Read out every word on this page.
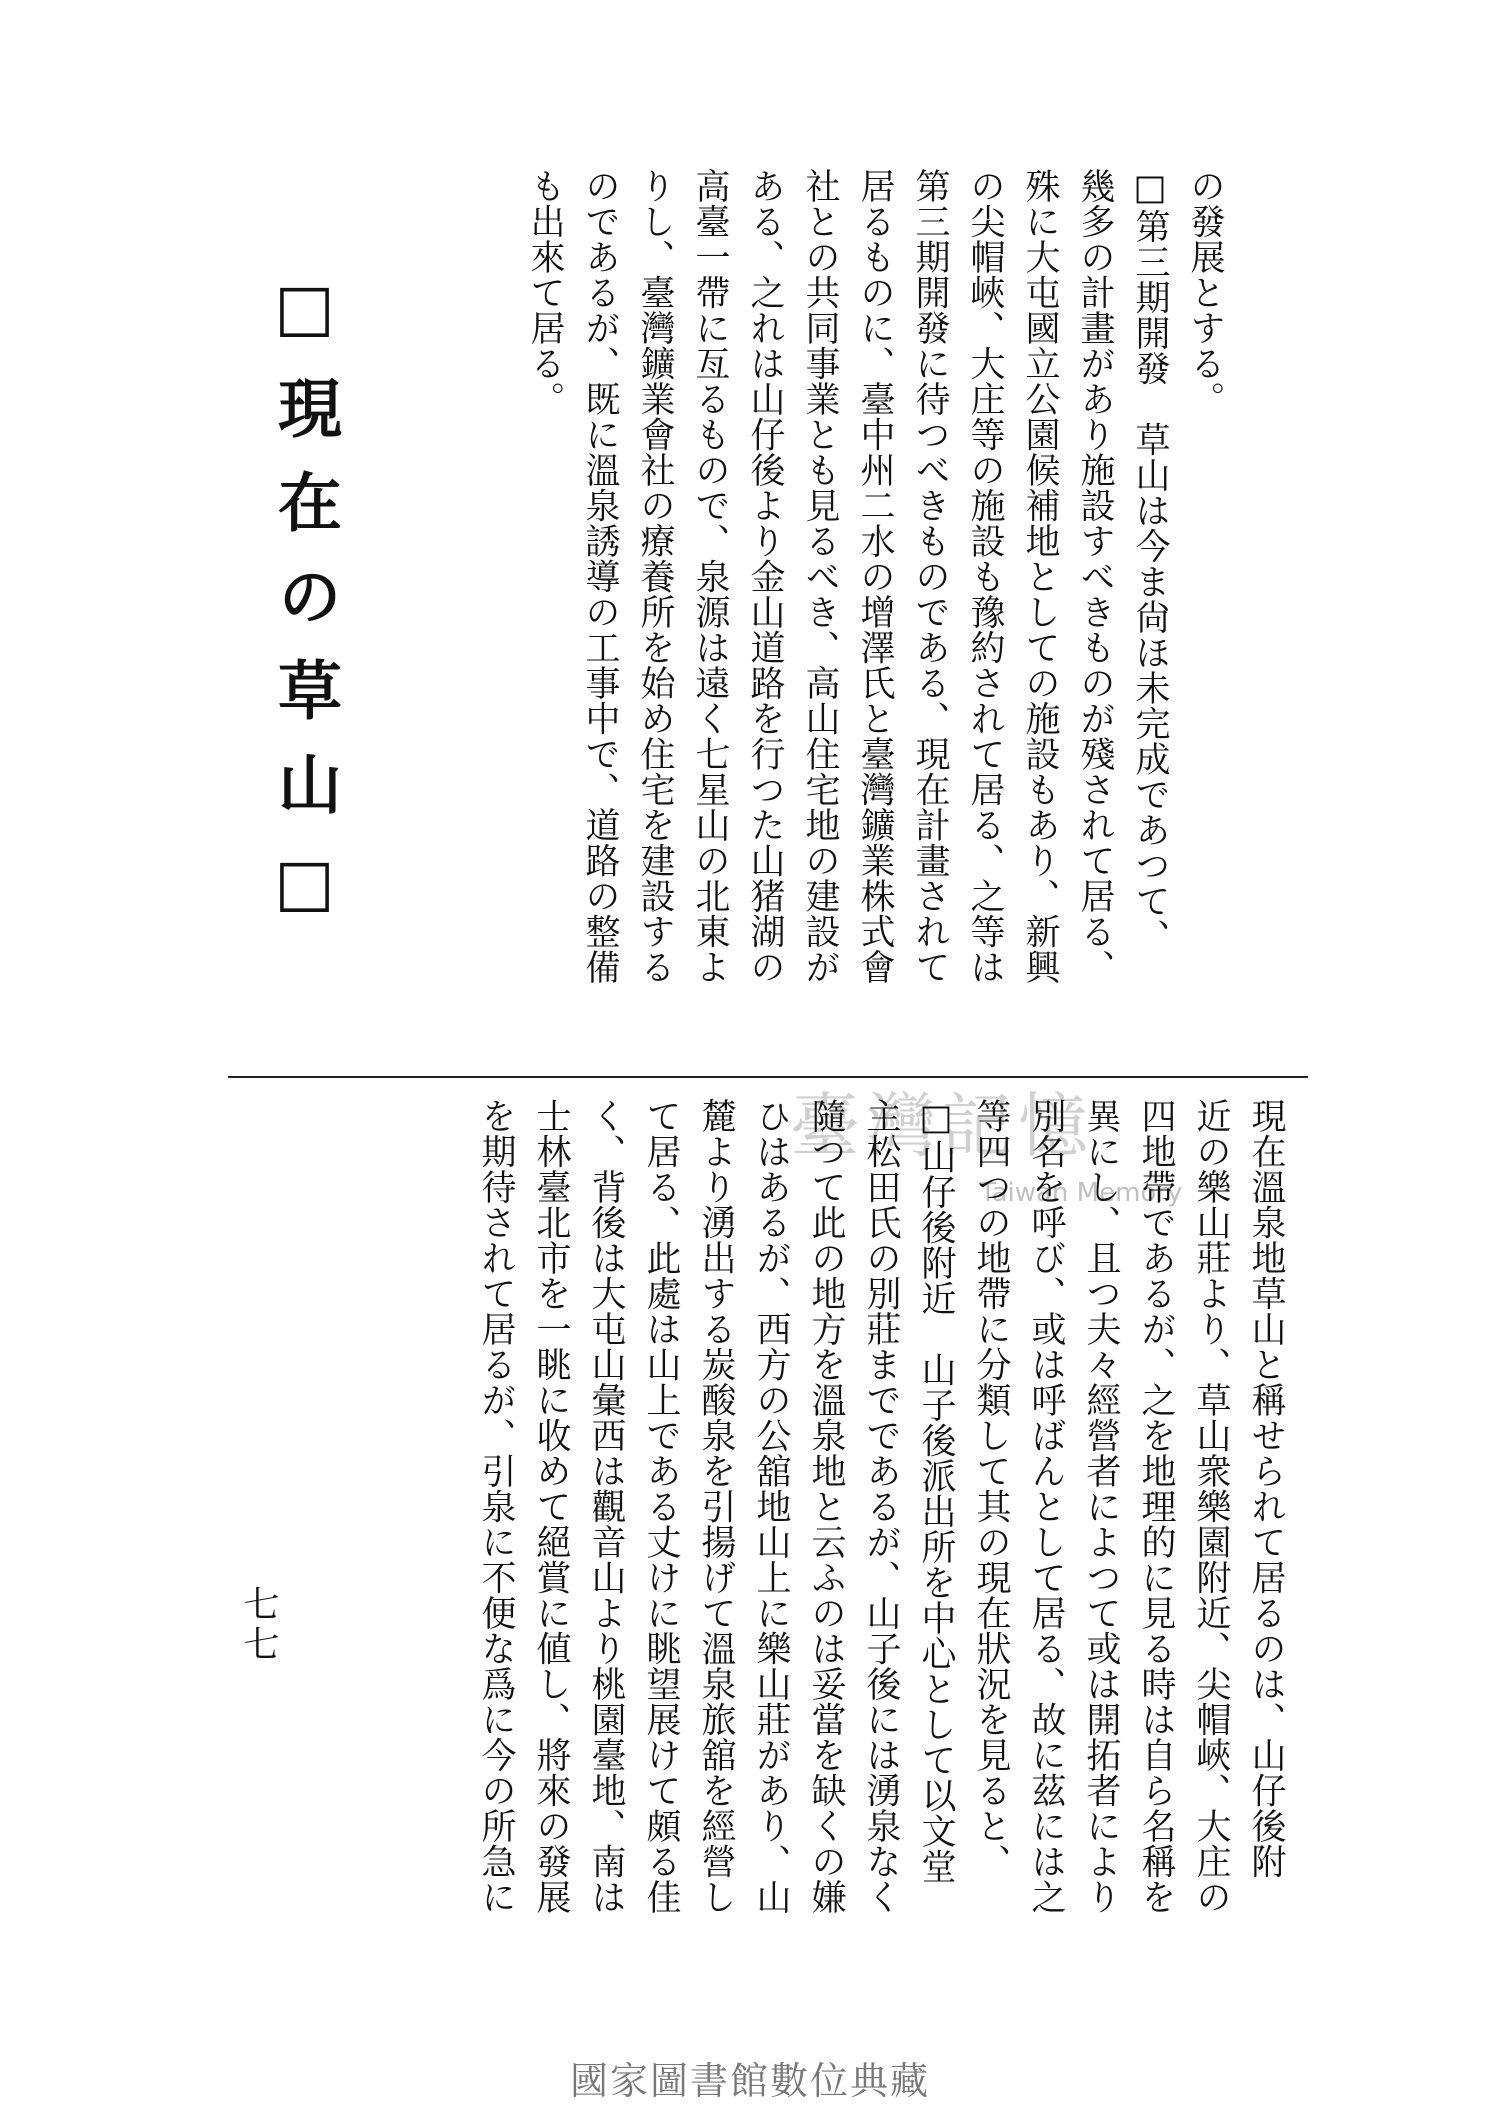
の發展とする。
□第三期開發　草山は今ま尙ほ未完成であつて、
幾多の計畫があり施設すべきものが殘されて居る、
殊に大屯國立公園候補地としての施設もあり、新興
の尖帽峽、大庄等の施設も豫約されて居る、之等は
第三期開發に待つべきものである、現在計畫されて
居るものに、臺中州二水の增澤氏と臺灣鑛業株式會
社との共同事業とも見るべき、高山住宅地の建設が
ある、之れは山仔後より金山道路を行つた山猪湖の
高臺一帶に亙るもので、泉源は遠く七星山の北東よ
りし、臺灣鑛業會社の療養所を始め住宅を建設する
のであるが、既に溫泉誘導の工事中で、道路の整備
も出來て居る。
□現在の草山□
臺灣記憶
Taiwan Memory 現在溫泉地草山と稱せられて居るのは、山仔後附
近の樂山莊より、草山衆樂園附近、尖帽峽、大庄の
四地帶であるが、之を地理的に見る時は自ら名稱を
異にし、且つ夫々經營者によつて或は開拓者により
別名を呼び、或は呼ばんとして居る、故に茲には之
等四つの地帶に分類して其の現在狀況を見ると、
□山仔後附近　山子後派出所を中心として以文堂
主松田氏の別莊までであるが、山子後には湧泉なく
隨つて此の地方を溫泉地と云ふのは妥當を缺くの嫌
ひはあるが、西方の公舘地山上に樂山莊があり、山
麓より湧出する炭酸泉を引揚げて溫泉旅舘を經營し
て居る、此處は山上である丈けに眺望展けて頗る佳
く、背後は大屯山彙西は觀音山より桃園臺地、南は
士林臺北市を一眺に收めて絕賞に値し、將來の發展
を期待されて居るが、引泉に不便な爲に今の所急に
七七
國家圖書館數位典藏
